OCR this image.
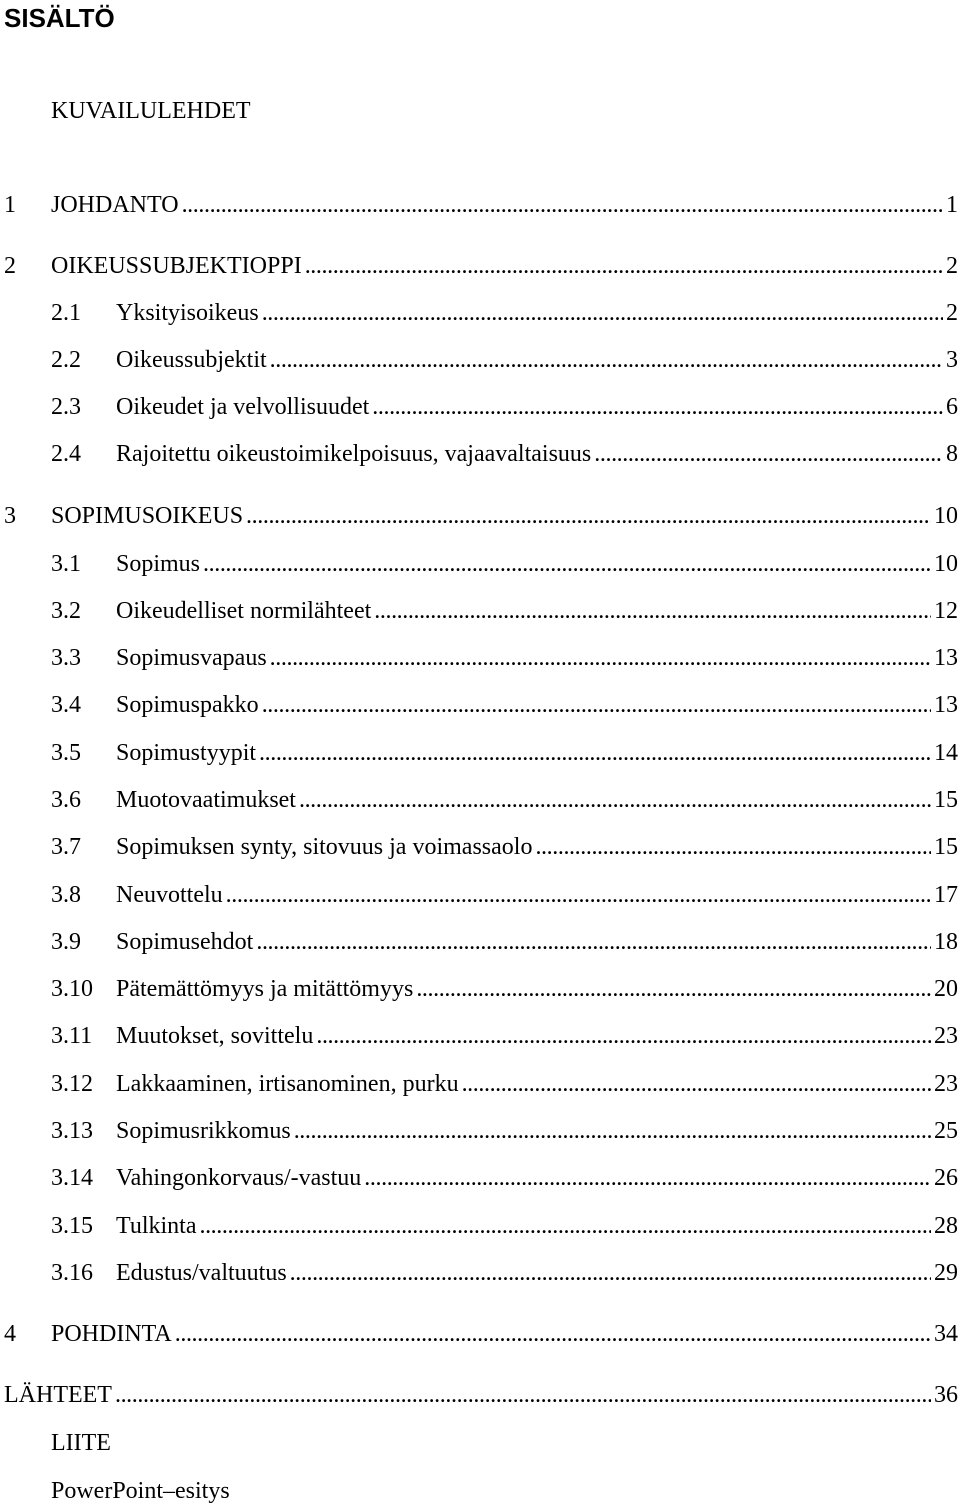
SISÄLTÖ
KUVAILULEHDET
1 JOHDANTO . . .	1
2 OIKEUSSUBJEKTIOPPI . . .	2
2.1 Yksityisoikeus . . .	2
2.2 Oikeussubjektit . . .	3
2.3 Oikeudet ja velvollisuudet . . .	6
2.4 Rajoitettu oikeustoimikelpoisuus, vajaavaltaisuus . . .	8
3 SOPIMUSOIKEUS . . .	10
3.1 Sopimus . . .	10
3.2 Oikeudelliset normilähteet . . .	12
3.3 Sopimusvapaus . . .	13
3.4 Sopimuspakko . . .	13
3.5 Sopimustyypit . . .	14
3.6 Muotovaatimukset . . .	15
3.7 Sopimuksen synty, sitovuus ja voimassaolo . . .	15
3.8 Neuvottelu . . .	17
3.9 Sopimusehdot . . .	18
3.10 Pätemättömyys ja mitättömyys . . .	20
3.11 Muutokset, sovittelu . . .	23
3.12 Lakkaaminen, irtisanominen, purku . . .	23
3.13 Sopimusrikkomus . . .	25
3.14 Vahingonkorvaus/-vastuu . . .	26
3.15 Tulkinta . . .	28
3.16 Edustus/valtuutus . . .	29
4 POHDINTA . . .	34
LÄHTEET . . .	36
LIITE
PowerPoint–esitys
